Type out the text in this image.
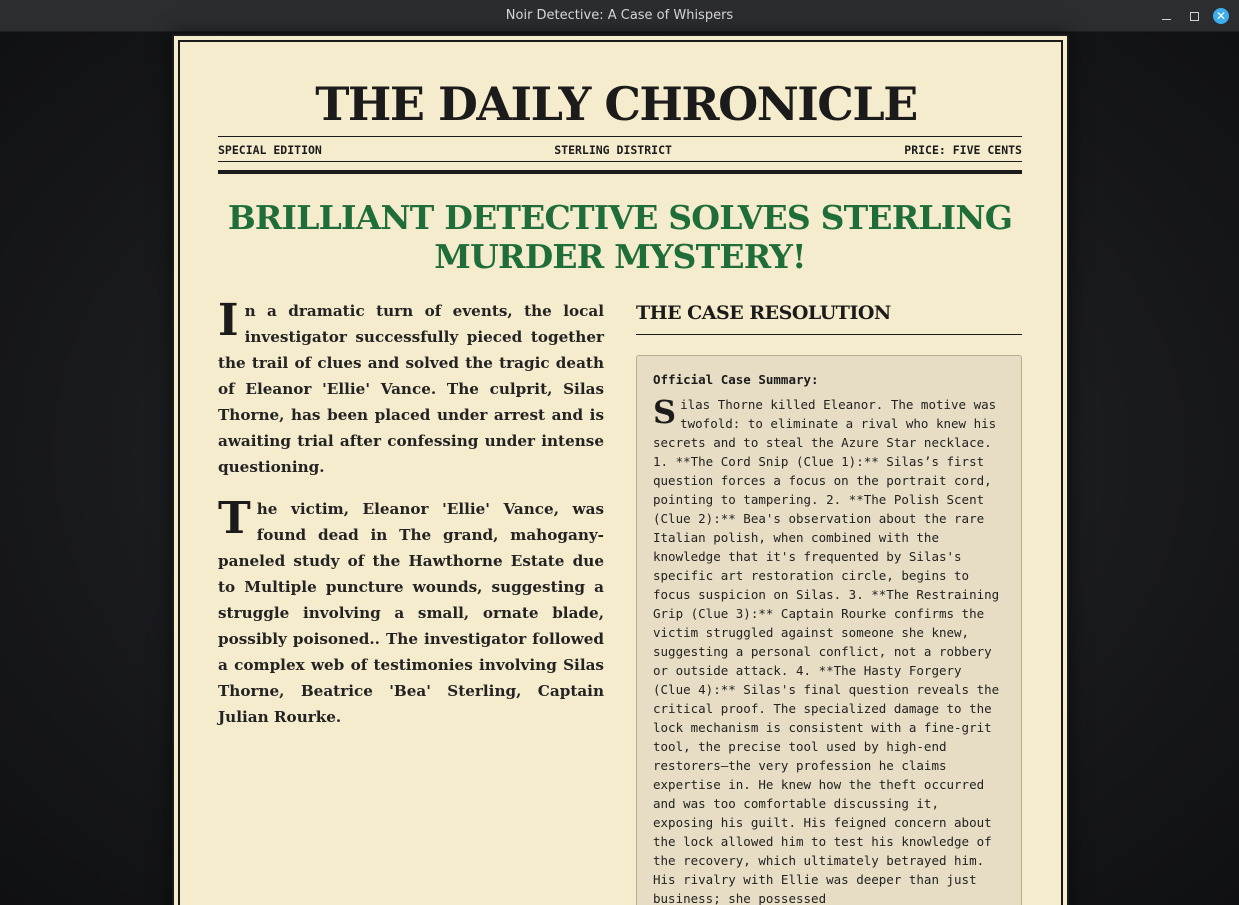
Noir Detective: A Case of Whispers	✕
THE DAILY CHRONICLE
SPECIAL EDITION	STERLING DISTRICT	PRICE: FIVE CENTS
BRILLIANT DETECTIVE SOLVES STERLING MURDER MYSTERY!

In a dramatic turn of events, the local investigator successfully pieced together the trail of clues and solved the tragic death of Eleanor 'Ellie' Vance. The culprit, Silas Thorne, has been placed under arrest and is awaiting trial after confessing under intense questioning.

The victim, Eleanor 'Ellie' Vance, was found dead in The grand, mahogany-paneled study of the Hawthorne Estate due to Multiple puncture wounds, suggesting a struggle involving a small, ornate blade, possibly poisoned.. The investigator followed a complex web of testimonies involving Silas Thorne, Beatrice 'Bea' Sterling, Captain Julian Rourke.

THE CASE RESOLUTION
Official Case Summary:
Silas Thorne killed Eleanor. The motive was twofold: to eliminate a rival who knew his secrets and to steal the Azure Star necklace. 1. **The Cord Snip (Clue 1):** Silas’s first question forces a focus on the portrait cord, pointing to tampering. 2. **The Polish Scent (Clue 2):** Bea's observation about the rare Italian polish, when combined with the knowledge that it's frequented by Silas's specific art restoration circle, begins to focus suspicion on Silas. 3. **The Restraining Grip (Clue 3):** Captain Rourke confirms the victim struggled against someone she knew, suggesting a personal conflict, not a robbery or outside attack. 4. **The Hasty Forgery (Clue 4):** Silas's final question reveals the critical proof. The specialized damage to the lock mechanism is consistent with a fine-grit tool, the precise tool used by high-end restorers—the very profession he claims expertise in. He knew how the theft occurred and was too comfortable discussing it, exposing his guilt. His feigned concern about the lock allowed him to test his knowledge of the recovery, which ultimately betrayed him. His rivalry with Ellie was deeper than just business; she possessed
